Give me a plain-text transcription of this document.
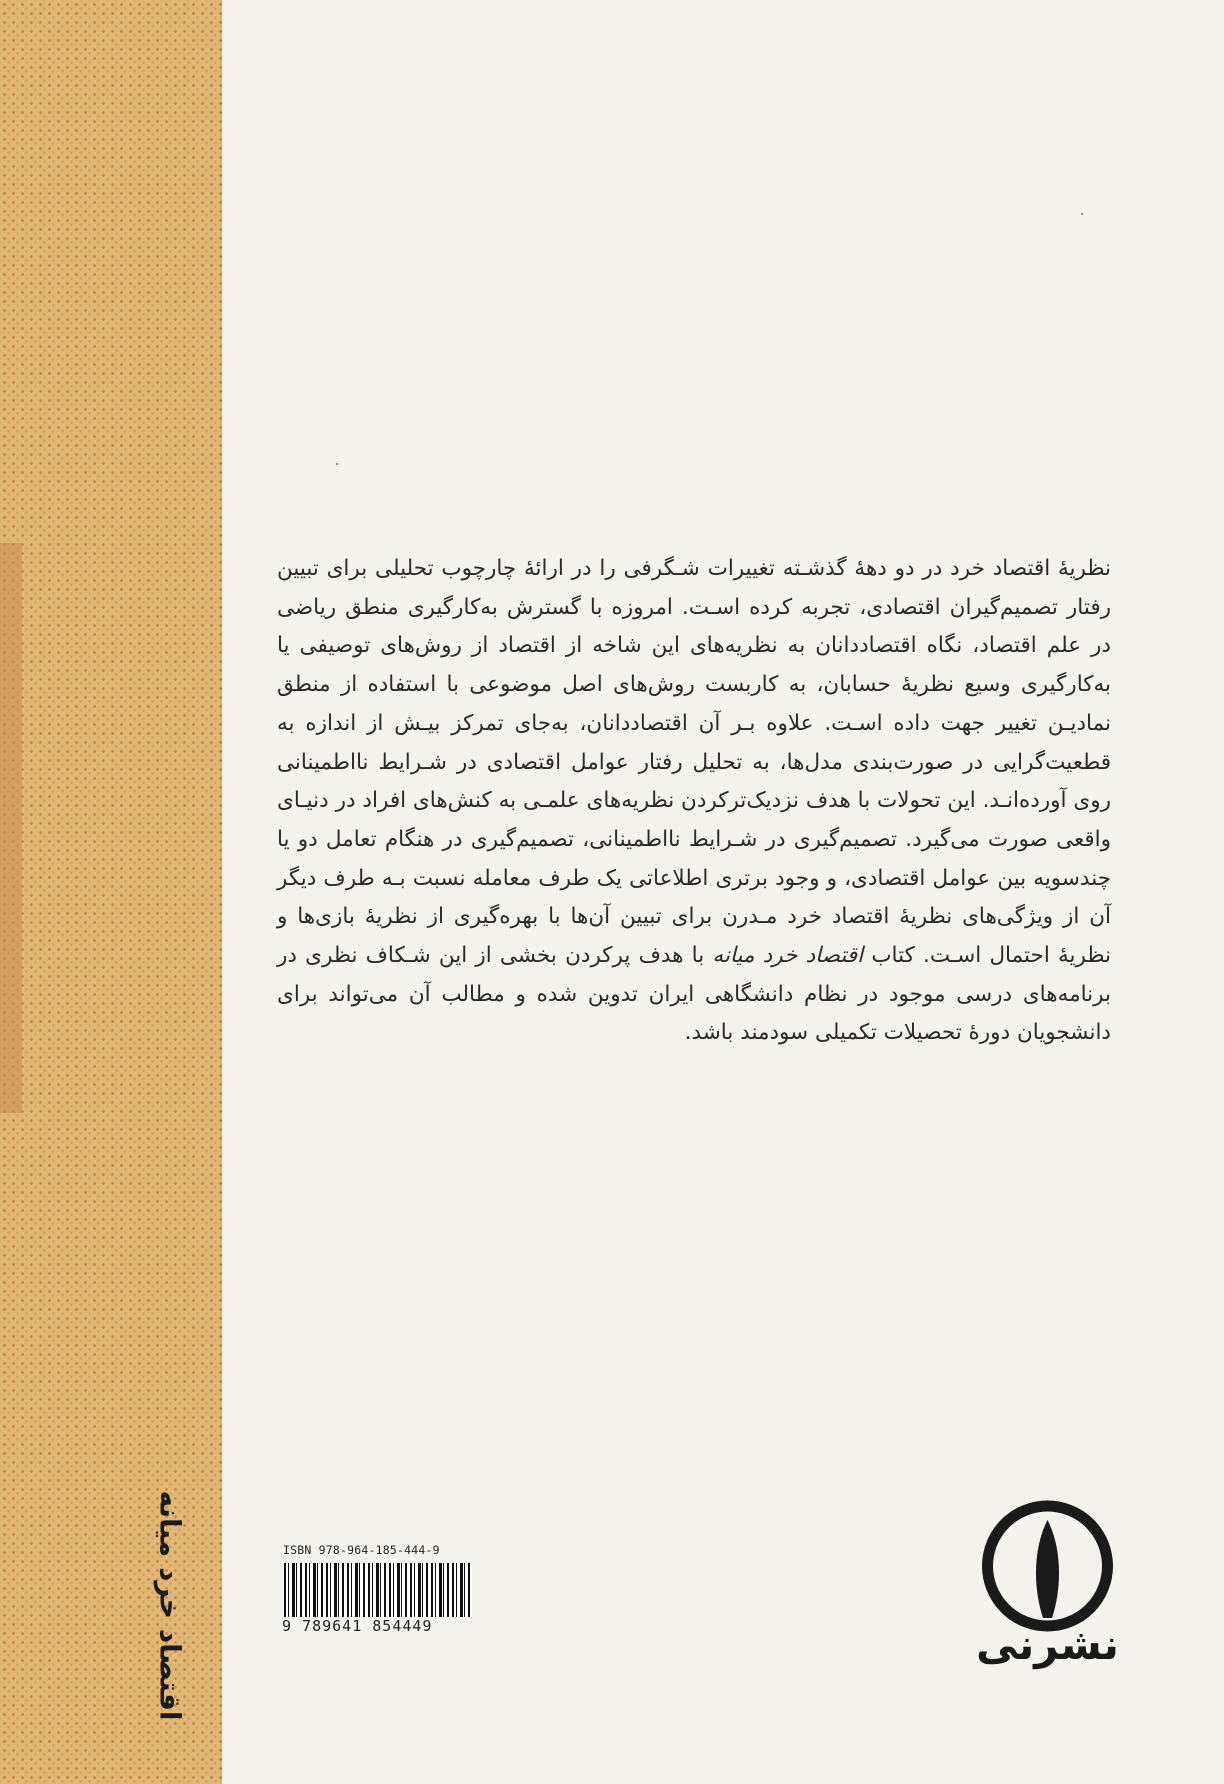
اقتصاد خرد میانه

نظریهٔ اقتصاد خرد در دو دههٔ گذشـته تغییرات شـگرفی را در ارائهٔ چارچوب تحلیلی برای تبیین رفتار تصمیم‌گیران اقتصادی، تجربه کرده اسـت. امروزه با گسترش به‌کارگیری منطق ریاضی در علم اقتصاد، نگاه اقتصاددانان به نظریه‌های این شاخه از اقتصاد از روش‌های توصیفی یا به‌کارگیری وسیع نظریهٔ حسابان، به کاربست روش‌های اصل موضوعی با استفاده از منطق نمادیـن تغییر جهت داده اسـت. علاوه بـر آن اقتصاددانان، به‌جای تمرکز بیـش از اندازه به قطعیت‌گرایی در صورت‌بندی مدل‌ها، به تحلیل رفتار عوامل اقتصادی در شـرایط نااطمینانی روی آورده‌انـد. این تحولات با هدف نزدیک‌ترکردن نظریه‌های علمـی به کنش‌های افراد در دنیـای واقعی صورت می‌گیرد. تصمیم‌گیری در شـرایط نااطمینانی، تصمیم‌گیری در هنگام تعامل دو یا چندسویه بین عوامل اقتصادی، و وجود برتری اطلاعاتی یک طرف معامله نسبت بـه طرف دیگر آن از ویژگی‌های نظریهٔ اقتصاد خرد مـدرن برای تبیین آن‌ها با بهره‌گیری از نظریهٔ بازی‌ها و نظریهٔ احتمال اسـت. کتاب اقتصاد خرد میانه با هدف پرکردن بخشی از این شـکاف نظری در برنامه‌های درسی موجود در نظام دانشگاهی ایران تدوین شده و مطالب آن می‌تواند برای دانشجویان دورهٔ تحصیلات تکمیلی سودمند باشد.

ISBN 978-964-185-444-9
9 789641 854449	نشرنی
